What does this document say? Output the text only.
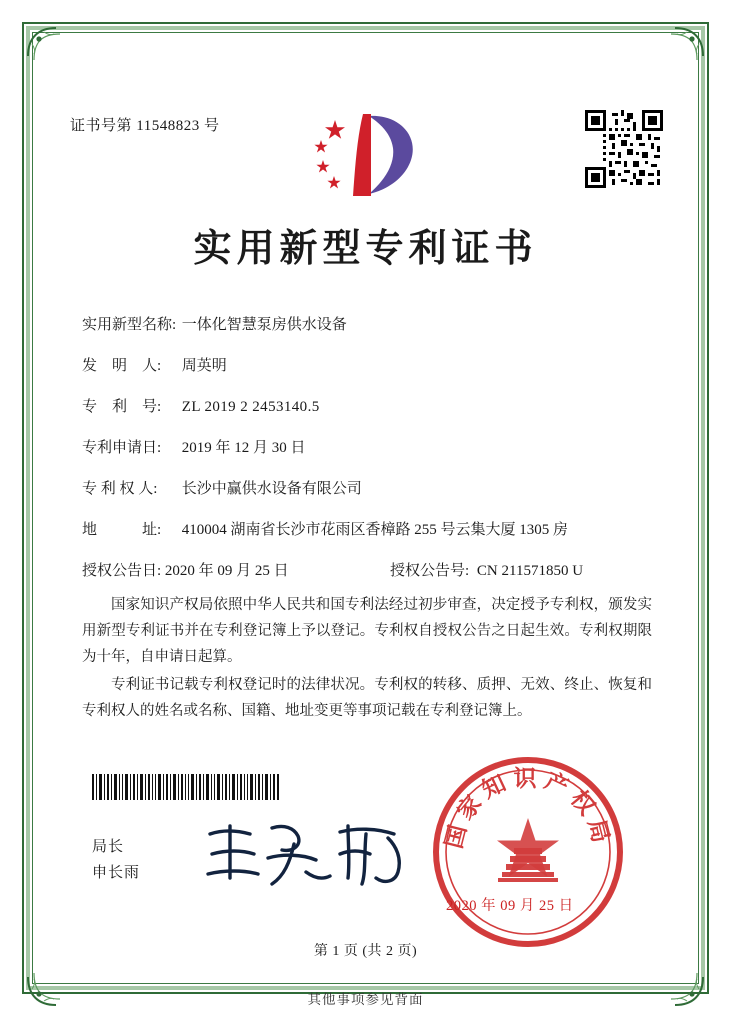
证书号第 11548823 号
实用新型专利证书
实用新型名称: 一体化智慧泵房供水设备
发　明　人: 周英明
专　利　号: ZL 2019 2 2453140.5
专利申请日: 2019 年 12 月 30 日
专 利 权 人: 长沙中赢供水设备有限公司
地　　　址: 410004 湖南省长沙市花雨区香樟路 255 号云集大厦 1305 房
授权公告日: 2020 年 09 月 25 日	授权公告号: CN 211571850 U

国家知识产权局依照中华人民共和国专利法经过初步审查，决定授予专利权，颁发实用新型专利证书并在专利登记簿上予以登记。专利权自授权公告之日起生效。专利权期限为十年，自申请日起算。

专利证书记载专利权登记时的法律状况。专利权的转移、质押、无效、终止、恢复和专利权人的姓名或名称、国籍、地址变更等事项记载在专利登记簿上。

局长
申长雨
国家知识产权局
2020 年 09 月 25 日
第 1 页 (共 2 页)
其他事项参见背面
